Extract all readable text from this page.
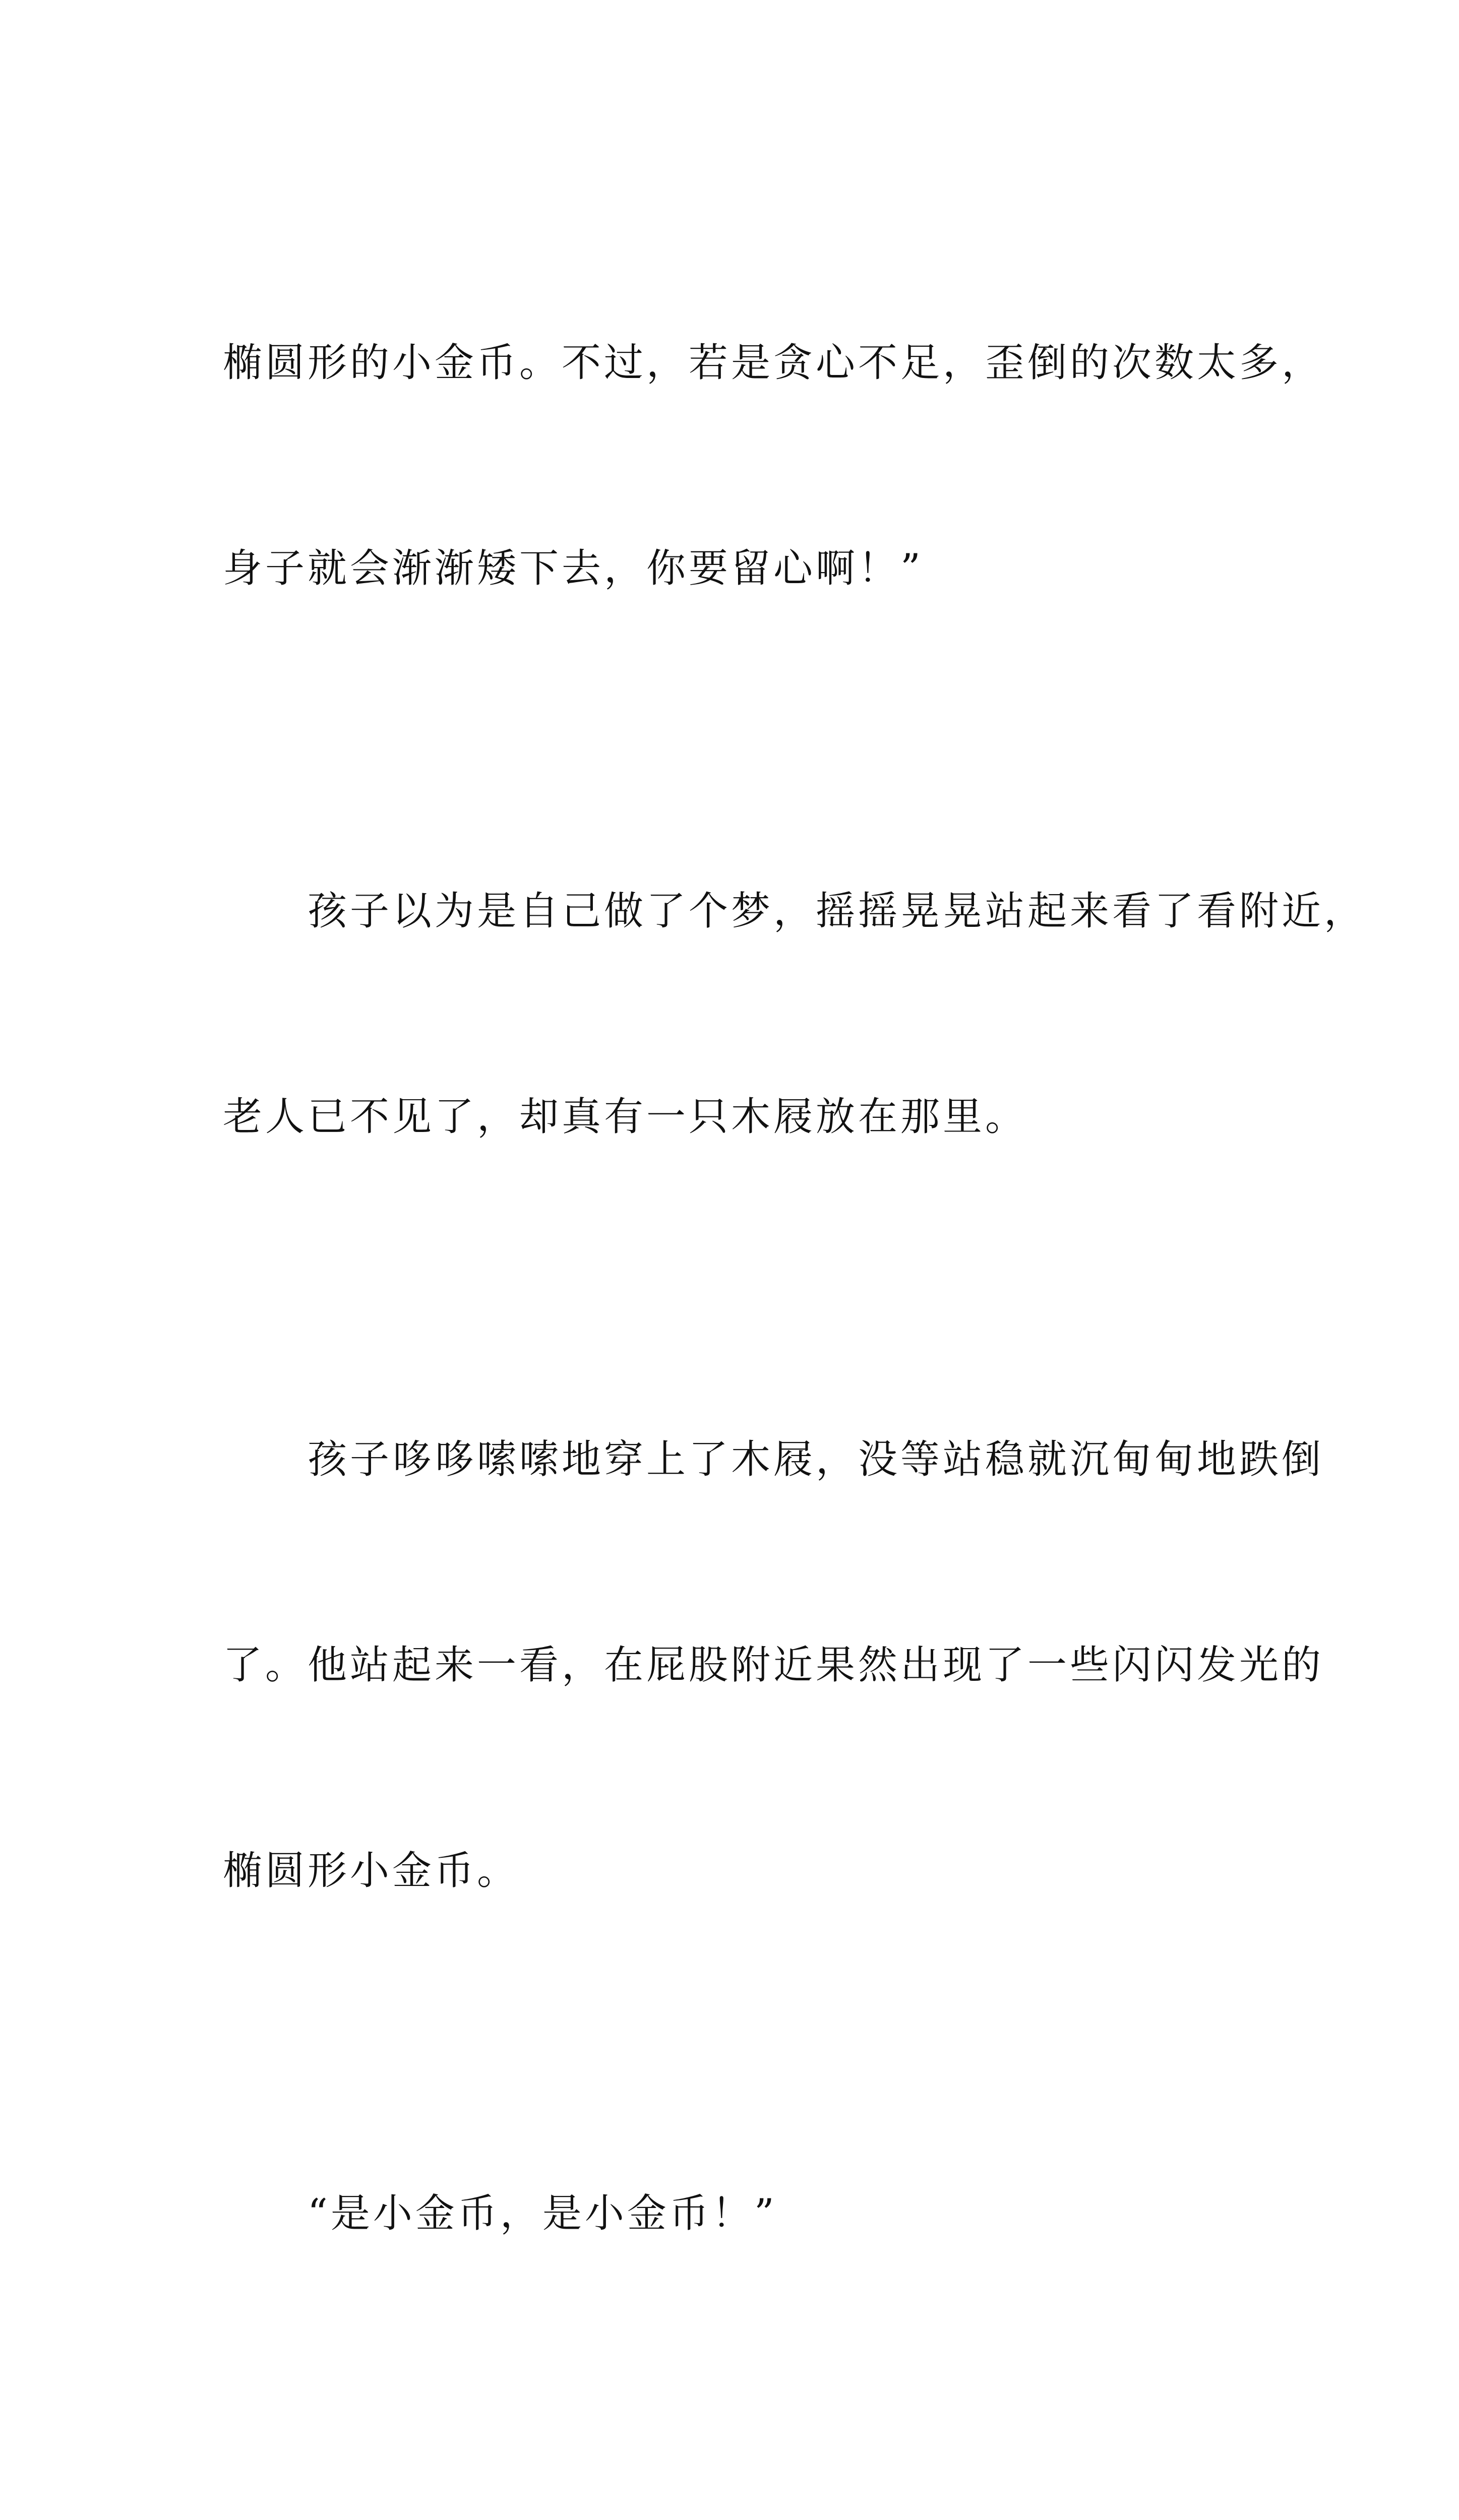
椭圆形的小金币。不过，若是贪心不足，歪倒的次数太多，

身子就会渐渐矮下去，你要留心啊！”

　　孩子以为是自己做了个梦，摇摇晃晃站起来看了看附近，

老人已不见了，却真有一只木屐放在那里。

　　孩子哆哆嗦嗦地穿上了木屐，没等站稳就沉甸甸地跌倒

了。他站起来一看，在屁股附近果然出现了一些闪闪发光的

椭圆形小金币。

　　“是小金币，是小金币！”
